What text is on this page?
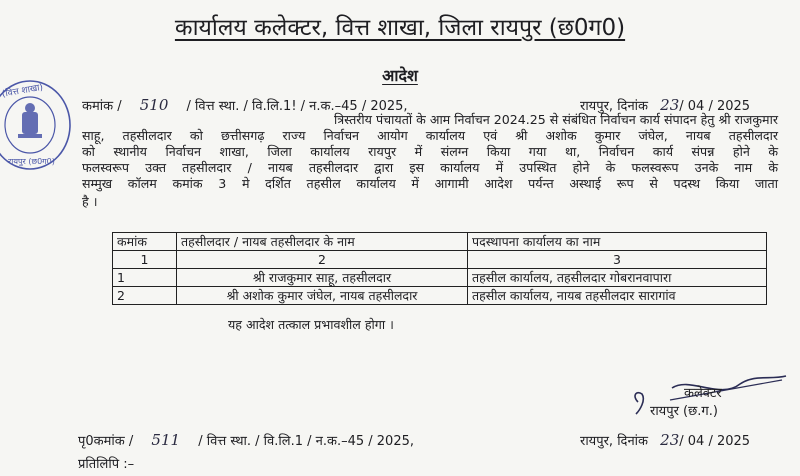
(वित्त शाखा)
रायपुर (छ0ग0)
कार्यालय कलेक्टर, वित्त शाखा, जिला रायपुर (छ0ग0)
आदेश
कमांक / 510 / वित्त स्था. / वि.लि.1! / न.क.–45 / 2025,	रायपुर, दिनांक 23/ 04 / 2025
त्रिस्तरीय पंचायतों के आम निर्वाचन 2024.25 से संबंधित निर्वाचन कार्य संपादन हेतु श्री राजकुमार
साहू, तहसीलदार को छत्तीसगढ़ राज्य निर्वाचन आयोग कार्यालय एवं श्री अशोक कुमार जंघेल, नायब तहसीलदार
को स्थानीय निर्वाचन शाखा, जिला कार्यालय रायपुर में संलग्न किया गया था, निर्वाचन कार्य संपन्न होने के
फलस्वरूप उक्त तहसीलदार / नायब तहसीलदार द्वारा इस कार्यालय में उपस्थित होने के फलस्वरूप उनके नाम के
सम्मुख कॉलम कमांक 3 मे दर्शित तहसील कार्यालय में आगामी आदेश पर्यन्त अस्थाई रूप से पदस्थ किया जाता
है ।
कमांक	तहसीलदार / नायब तहसीलदार के नाम	पदस्थापना कार्यालय का नाम
1	2	3
1	श्री राजकुमार साहू, तहसीलदार	तहसील कार्यालय, तहसीलदार गोबरानवापारा
2	श्री अशोक कुमार जंघेल, नायब तहसीलदार	तहसील कार्यालय, नायब तहसीलदार सारागांव
यह आदेश तत्काल प्रभावशील होगा ।
कलेक्टर
रायपुर (छ.ग.)
पृ0कमांक / 511 / वित्त स्था. / वि.लि.1 / न.क.–45 / 2025,	रायपुर, दिनांक 23/ 04 / 2025
प्रतिलिपि :–
